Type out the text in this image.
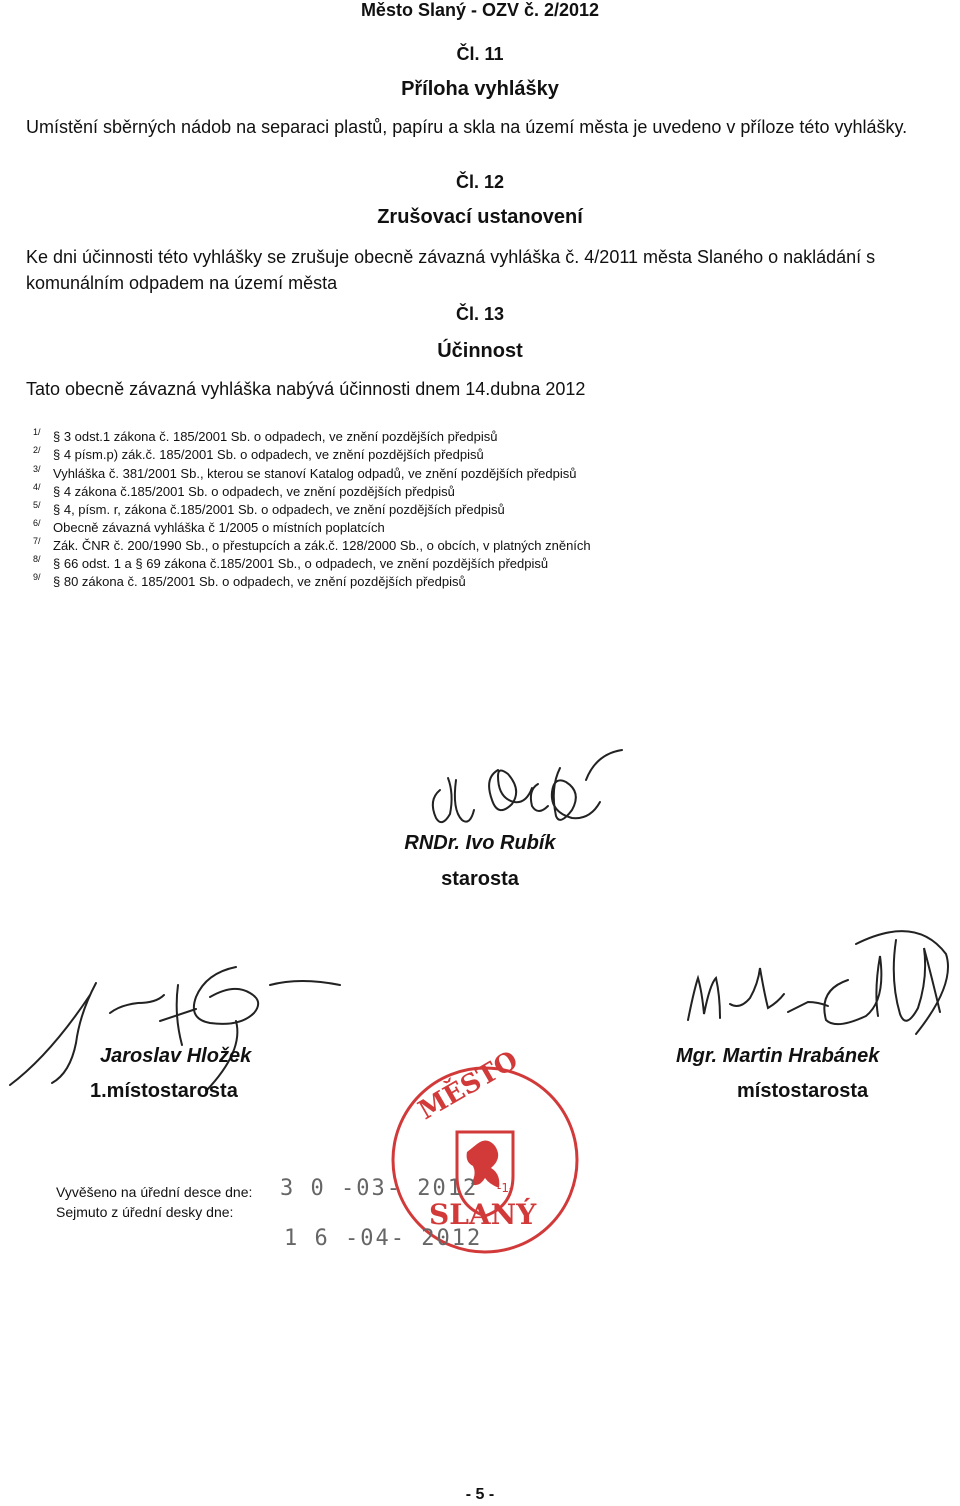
Město Slaný - OZV č. 2/2012
Čl. 11
Příloha vyhlášky
Umístění sběrných nádob na separaci plastů, papíru a skla na území města je uvedeno v příloze této vyhlášky.
Čl. 12
Zrušovací ustanovení
Ke dni účinnosti této vyhlášky se zrušuje obecně závazná vyhláška č. 4/2011 města Slaného o nakládání s komunálním odpadem na území města
Čl. 13
Účinnost
Tato obecně závazná vyhláška nabývá účinnosti dnem 14.dubna 2012
1/ § 3 odst.1 zákona č. 185/2001 Sb. o odpadech, ve znění pozdějších předpisů
2/ § 4 písm.p) zák.č. 185/2001 Sb. o odpadech, ve znění pozdějších předpisů
3/ Vyhláška č. 381/2001 Sb., kterou se stanoví Katalog odpadů, ve znění pozdějších předpisů
4/ § 4 zákona č.185/2001 Sb. o odpadech, ve znění pozdějších předpisů
5/ § 4, písm. r, zákona č.185/2001 Sb. o odpadech, ve znění pozdějších předpisů
6/ Obecně závazná vyhláška č 1/2005 o místních poplatcích
7/ Zák. ČNR č. 200/1990 Sb., o přestupcích a zák.č. 128/2000 Sb., o obcích, v platných zněních
8/ § 66 odst. 1 a § 69 zákona č.185/2001 Sb., o odpadech, ve znění pozdějších předpisů
9/ § 80 zákona č. 185/2001 Sb. o odpadech, ve znění pozdějších předpisů
RNDr. Ivo Rubík
starosta
Jaroslav Hložek
1.místostarosta
Mgr. Martin Hrabánek
místostarosta
MĚSTO
SLANÝ
-1-
Vyvěšeno na úřední desce dne: 3 0 -03- 2012
Sejmuto z úřední desky dne:
1 6 -04- 2012
- 5 -
